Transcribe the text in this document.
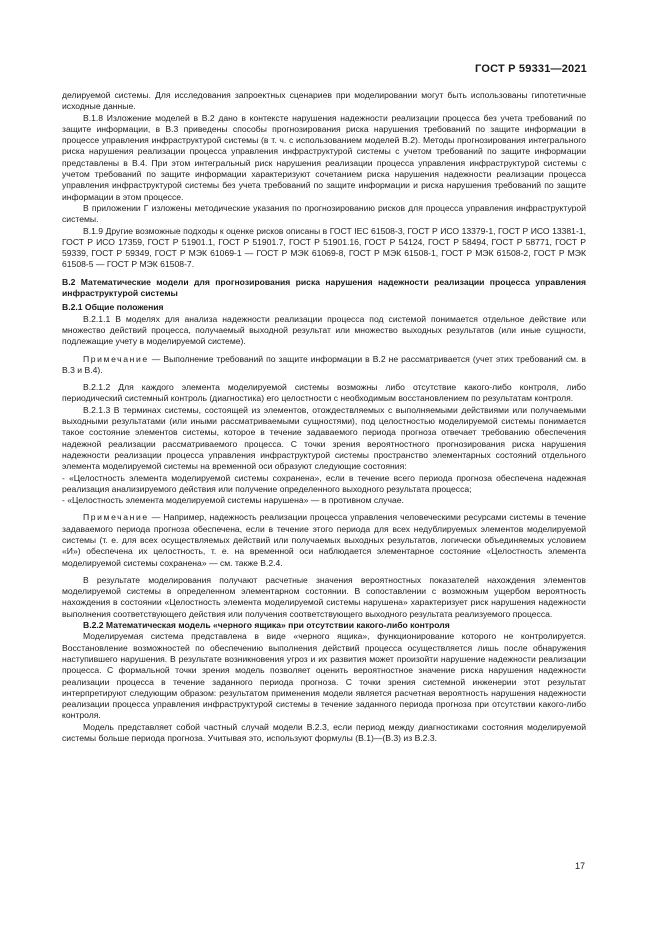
ГОСТ Р 59331—2021

делируемой системы. Для исследования запроектных сценариев при моделировании могут быть использованы гипотетичные исходные данные.

В.1.8 Изложение моделей в В.2 дано в контексте нарушения надежности реализации процесса без учета требований по защите информации, в В.3 приведены способы прогнозирования риска нарушения требований по защите информации в процессе управления инфраструктурой системы (в т. ч. с использованием моделей В.2). Методы прогнозирования интегрального риска нарушения реализации процесса управления инфраструктурой системы с учетом требований по защите информации представлены в В.4. При этом интегральный риск нарушения реализации процесса управления инфраструктурой системы с учетом требований по защите информации характеризуют сочетанием риска нарушения надежности реализации процесса управления инфраструктурой системы без учета требований по защите информации и риска нарушения требований по защите информации в этом процессе.

В приложении Г изложены методические указания по прогнозированию рисков для процесса управления инфраструктурой системы.

В.1.9 Другие возможные подходы к оценке рисков описаны в ГОСТ IEC 61508-3, ГОСТ Р ИСО 13379-1, ГОСТ Р ИСО 13381-1, ГОСТ Р ИСО 17359, ГОСТ Р 51901.1, ГОСТ Р 51901.7, ГОСТ Р 51901.16, ГОСТ Р 54124, ГОСТ Р 58494, ГОСТ Р 58771, ГОСТ Р 59339, ГОСТ Р 59349, ГОСТ Р МЭК 61069-1 — ГОСТ Р МЭК 61069-8, ГОСТ Р МЭК 61508-1, ГОСТ Р МЭК 61508-2, ГОСТ Р МЭК 61508-5 — ГОСТ Р МЭК 61508-7.

В.2 Математические модели для прогнозирования риска нарушения надежности реализации процесса управления инфраструктурой системы

В.2.1 Общие положения

В.2.1.1 В моделях для анализа надежности реализации процесса под системой понимается отдельное действие или множество действий процесса, получаемый выходной результат или множество выходных результатов (или иные сущности, подлежащие учету в моделируемой системе).

Примечание — Выполнение требований по защите информации в В.2 не рассматривается (учет этих требований см. в В.3 и В.4).

В.2.1.2 Для каждого элемента моделируемой системы возможны либо отсутствие какого-либо контроля, либо периодический системный контроль (диагностика) его целостности с необходимым восстановлением по результатам контроля.

В.2.1.3 В терминах системы, состоящей из элементов, отождествляемых с выполняемыми действиями или получаемыми выходными результатами (или иными рассматриваемыми сущностями), под целостностью моделируемой системы понимается такое состояние элементов системы, которое в течение задаваемого периода прогноза отвечает требованию обеспечения надежной реализации рассматриваемого процесса. С точки зрения вероятностного прогнозирования риска нарушения надежности реализации процесса управления инфраструктурой системы пространство элементарных состояний отдельного элемента моделируемой системы на временной оси образуют следующие состояния:

- «Целостность элемента моделируемой системы сохранена», если в течение всего периода прогноза обеспечена надежная реализация анализируемого действия или получение определенного выходного результата процесса;

- «Целостность элемента моделируемой системы нарушена» — в противном случае.

Примечание — Например, надежность реализации процесса управления человеческими ресурсами системы в течение задаваемого периода прогноза обеспечена, если в течение этого периода для всех недублируемых элементов моделируемой системы (т. е. для всех осуществляемых действий или получаемых выходных результатов, логически объединяемых условием «И») обеспечена их целостность, т. е. на временной оси наблюдается элементарное состояние «Целостность элемента моделируемой системы сохранена» — см. также В.2.4.

В результате моделирования получают расчетные значения вероятностных показателей нахождения элементов моделируемой системы в определенном элементарном состоянии. В сопоставлении с возможным ущербом вероятность нахождения в состоянии «Целостность элемента моделируемой системы нарушена» характеризует риск нарушения надежности выполнения соответствующего действия или получения соответствующего выходного результата реализуемого процесса.

В.2.2 Математическая модель «черного ящика» при отсутствии какого-либо контроля

Моделируемая система представлена в виде «черного ящика», функционирование которого не контролируется. Восстановление возможностей по обеспечению выполнения действий процесса осуществляется лишь после обнаружения наступившего нарушения. В результате возникновения угроз и их развития может произойти нарушение надежности реализации процесса. С формальной точки зрения модель позволяет оценить вероятностное значение риска нарушения надежности реализации процесса в течение заданного периода прогноза. С точки зрения системной инженерии этот результат интерпретируют следующим образом: результатом применения модели является расчетная вероятность нарушения надежности реализации процесса управления инфраструктурой системы в течение заданного периода прогноза при отсутствии какого-либо контроля.

Модель представляет собой частный случай модели В.2.3, если период между диагностиками состояния моделируемой системы больше периода прогноза. Учитывая это, используют формулы (В.1)—(В.3) из В.2.3.

17
